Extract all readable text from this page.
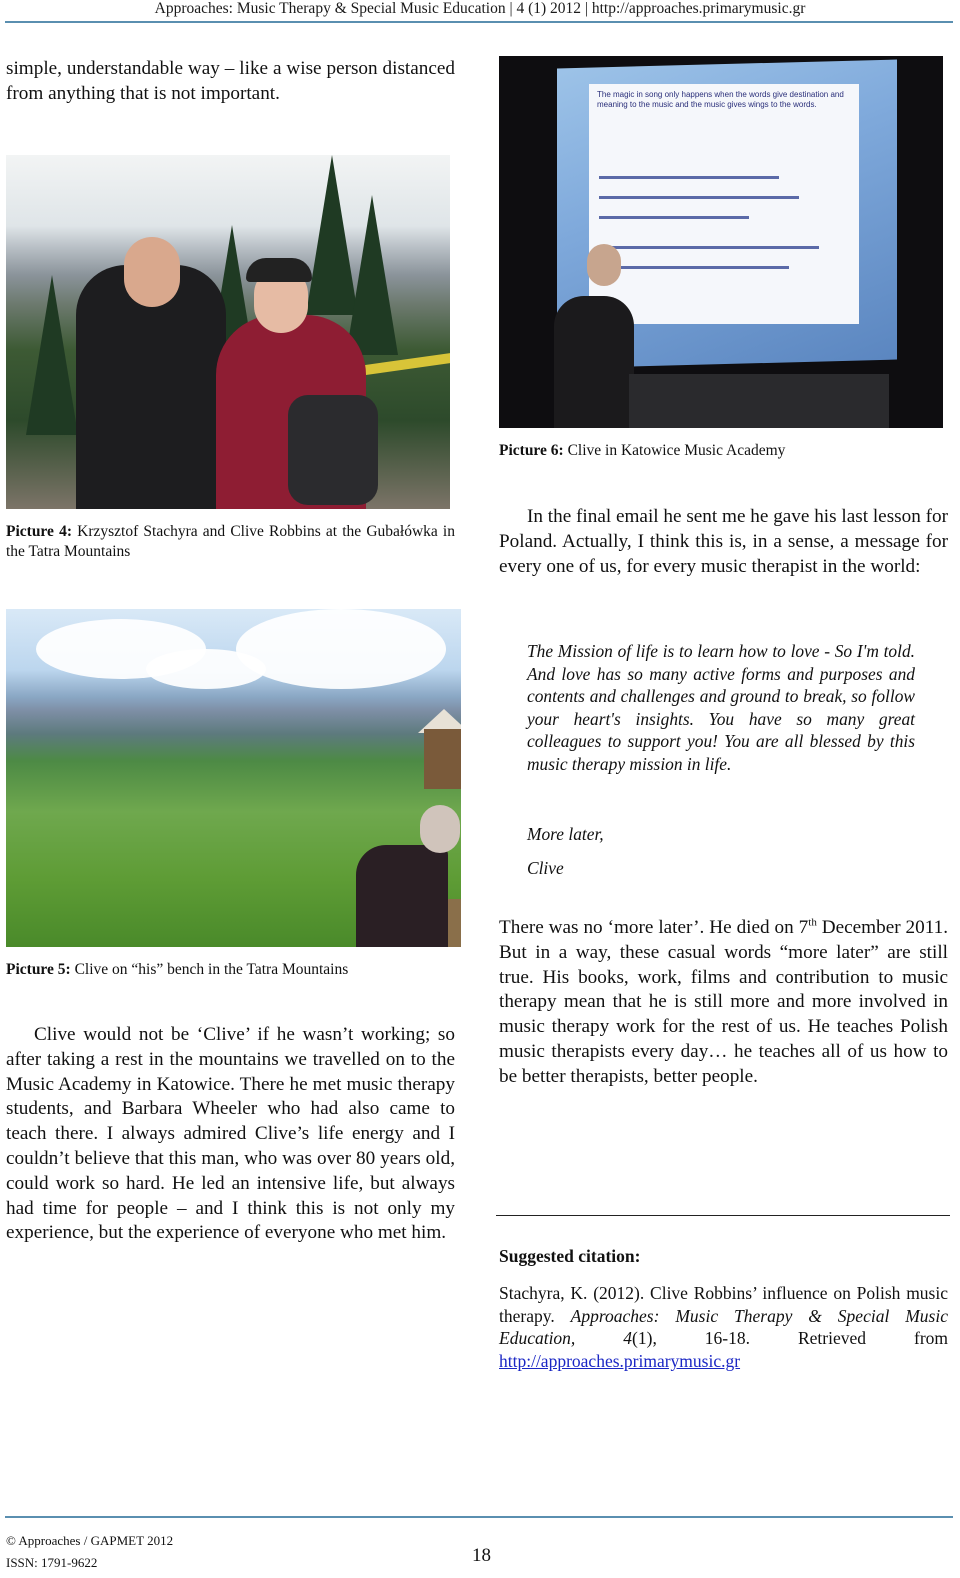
Approaches: Music Therapy & Special Music Education | 4 (1) 2012 | http://approaches.primarymusic.gr

simple, understandable way – like a wise person distanced from anything that is not important.

Picture 4: Krzysztof Stachyra and Clive Robbins at the Gubałówka in the Tatra Mountains

Picture 5: Clive on “his” bench in the Tatra Mountains

Clive would not be ‘Clive’ if he wasn’t working; so after taking a rest in the mountains we travelled on to the Music Academy in Katowice. There he met music therapy students, and Barbara Wheeler who had also came to teach there. I always admired Clive’s life energy and I couldn’t believe that this man, who was over 80 years old, could work so hard. He led an intensive life, but always had time for people – and I think this is not only my experience, but the experience of everyone who met him.

The magic in song only happens when the words give destination and meaning to the music and the music gives wings to the words.

Picture 6: Clive in Katowice Music Academy

In the final email he sent me he gave his last lesson for Poland. Actually, I think this is, in a sense, a message for every one of us, for every music therapist in the world:

The Mission of life is to learn how to love - So I'm told. And love has so many active forms and purposes and contents and challenges and ground to break, so follow your heart's insights. You have so many great colleagues to support you! You are all blessed by this music therapy mission in life.

More later,

Clive

There was no ‘more later’. He died on 7th December 2011. But in a way, these casual words “more later” are still true. His books, work, films and contribution to music therapy mean that he is still more and more involved in music therapy work for the rest of us. He teaches Polish music therapists every day… he teaches all of us how to be better therapists, better people.

Suggested citation:

Stachyra, K. (2012). Clive Robbins’ influence on Polish music therapy. Approaches: Music Therapy & Special Music Education, 4(1), 16-18. Retrieved from http://approaches.primarymusic.gr

© Approaches / GAPMET 2012
ISSN: 1791-9622	18
